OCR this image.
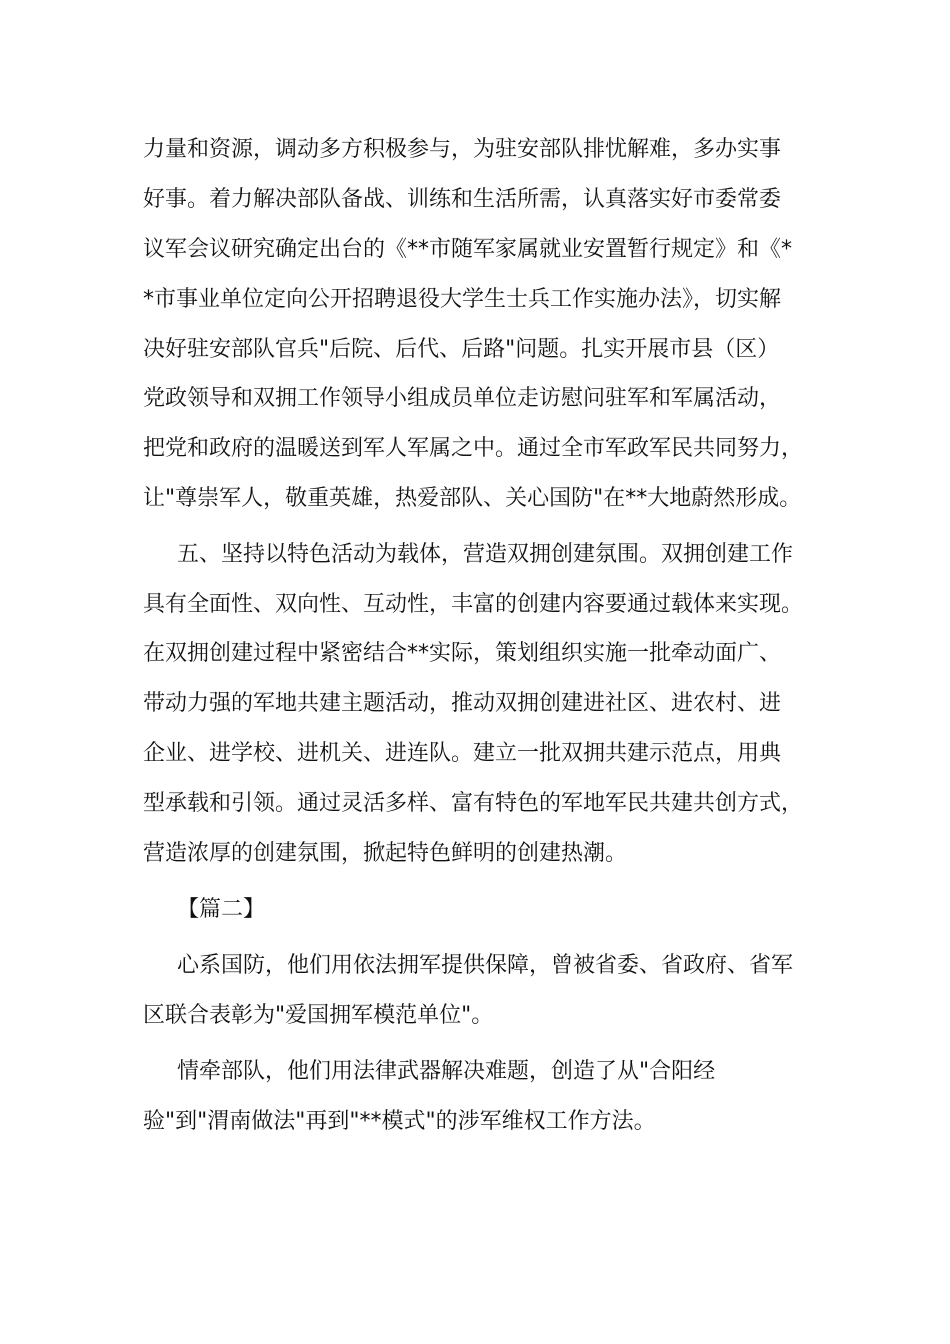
力量和资源，调动多方积极参与，为驻安部队排忧解难，多办实事
好事。着力解决部队备战、训练和生活所需，认真落实好市委常委
议军会议研究确定出台的《**市随军家属就业安置暂行规定》和《*
*市事业单位定向公开招聘退役大学生士兵工作实施办法》，切实解
决好驻安部队官兵"后院、后代、后路"问题。扎实开展市县（区）
党政领导和双拥工作领导小组成员单位走访慰问驻军和军属活动，
把党和政府的温暖送到军人军属之中。通过全市军政军民共同努力，
让"尊崇军人，敬重英雄，热爱部队、关心国防"在**大地蔚然形成。
五、坚持以特色活动为载体，营造双拥创建氛围。双拥创建工作
具有全面性、双向性、互动性，丰富的创建内容要通过载体来实现。
在双拥创建过程中紧密结合**实际，策划组织实施一批牵动面广、
带动力强的军地共建主题活动，推动双拥创建进社区、进农村、进
企业、进学校、进机关、进连队。建立一批双拥共建示范点，用典
型承载和引领。通过灵活多样、富有特色的军地军民共建共创方式，
营造浓厚的创建氛围，掀起特色鲜明的创建热潮。
【篇二】
心系国防，他们用依法拥军提供保障，曾被省委、省政府、省军
区联合表彰为"爱国拥军模范单位"。
情牵部队，他们用法律武器解决难题，创造了从"合阳经
验"到"渭南做法"再到"**模式"的涉军维权工作方法。
